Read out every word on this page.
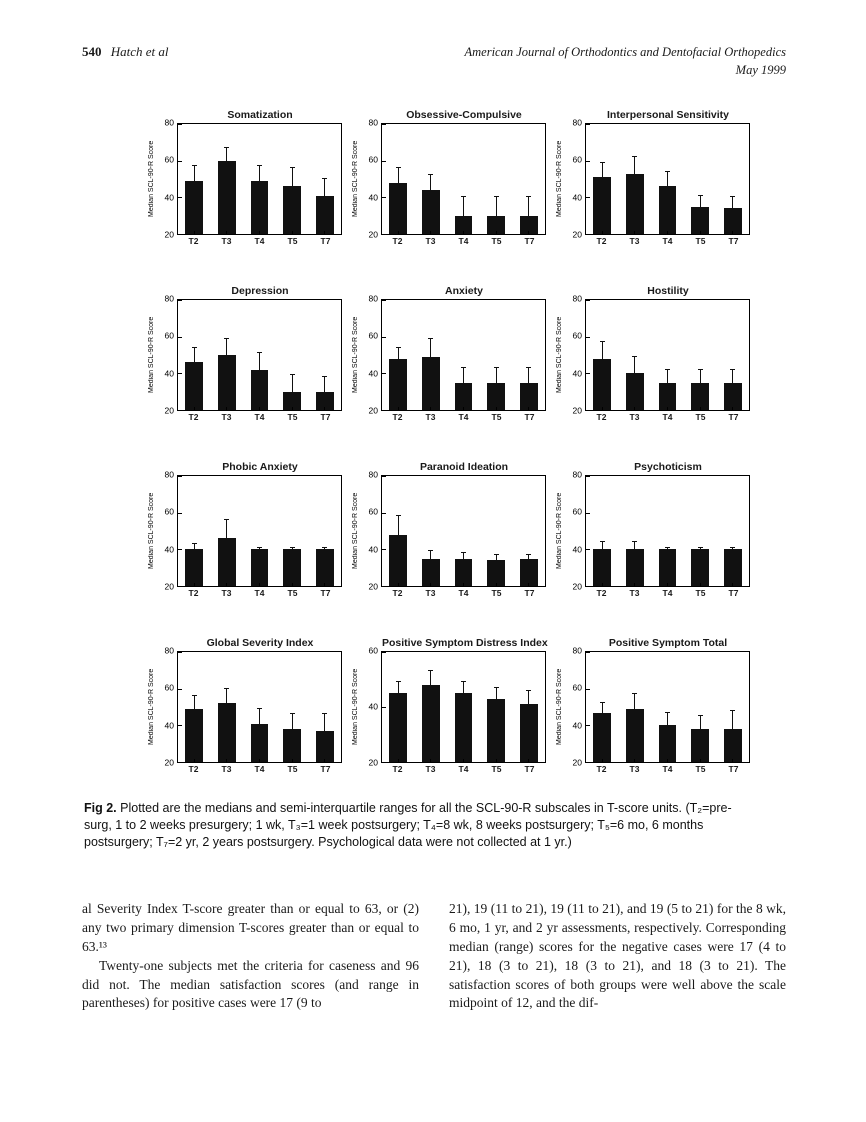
540 Hatch et al	American Journal of Orthodontics and Dentofacial Orthopedics
May 1999
Somatization
Median SCL-90-R Score
20
40
60
80
T2	T3	T4	T5	T7
Obsessive-Compulsive
Median SCL-90-R Score
20
40
60
80
T2	T3	T4	T5	T7
Interpersonal Sensitivity
Median SCL-90-R Score
20
40
60
80
T2	T3	T4	T5	T7
Depression
Median SCL-90-R Score
20
40
60
80
T2	T3	T4	T5	T7
Anxiety
Median SCL-90-R Score
20
40
60
80
T2	T3	T4	T5	T7
Hostility
Median SCL-90-R Score
20
40
60
80
T2	T3	T4	T5	T7
Phobic Anxiety
Median SCL-90-R Score
20
40
60
80
T2	T3	T4	T5	T7
Paranoid Ideation
Median SCL-90-R Score
20
40
60
80
T2	T3	T4	T5	T7
Psychoticism
Median SCL-90-R Score
20
40
60
80
T2	T3	T4	T5	T7
Global Severity Index
Median SCL-90-R Score
20
40
60
80
T2	T3	T4	T5	T7
Positive Symptom Distress Index
Median SCL-90-R Score
20
40
60
T2	T3	T4	T5	T7
Positive Symptom Total
Median SCL-90-R Score
20
40
60
80
T2	T3	T4	T5	T7

Fig 2. Plotted are the medians and semi-interquartile ranges for all the SCL-90-R subscales in T-score units. (T₂=pre-surg, 1 to 2 weeks presurgery; 1 wk, T₃=1 week postsurgery; T₄=8 wk, 8 weeks postsurgery; T₅=6 mo, 6 months postsurgery; T₇=2 yr, 2 years postsurgery. Psychological data were not collected at 1 yr.)

al Severity Index T-score greater than or equal to 63, or (2) any two primary dimension T-scores greater than or equal to 63.¹³

Twenty-one subjects met the criteria for caseness and 96 did not. The median satisfaction scores (and range in parentheses) for positive cases were 17 (9 to

21), 19 (11 to 21), 19 (11 to 21), and 19 (5 to 21) for the 8 wk, 6 mo, 1 yr, and 2 yr assessments, respectively. Corresponding median (range) scores for the negative cases were 17 (4 to 21), 18 (3 to 21), 18 (3 to 21), and 18 (3 to 21). The satisfaction scores of both groups were well above the scale midpoint of 12, and the dif-
